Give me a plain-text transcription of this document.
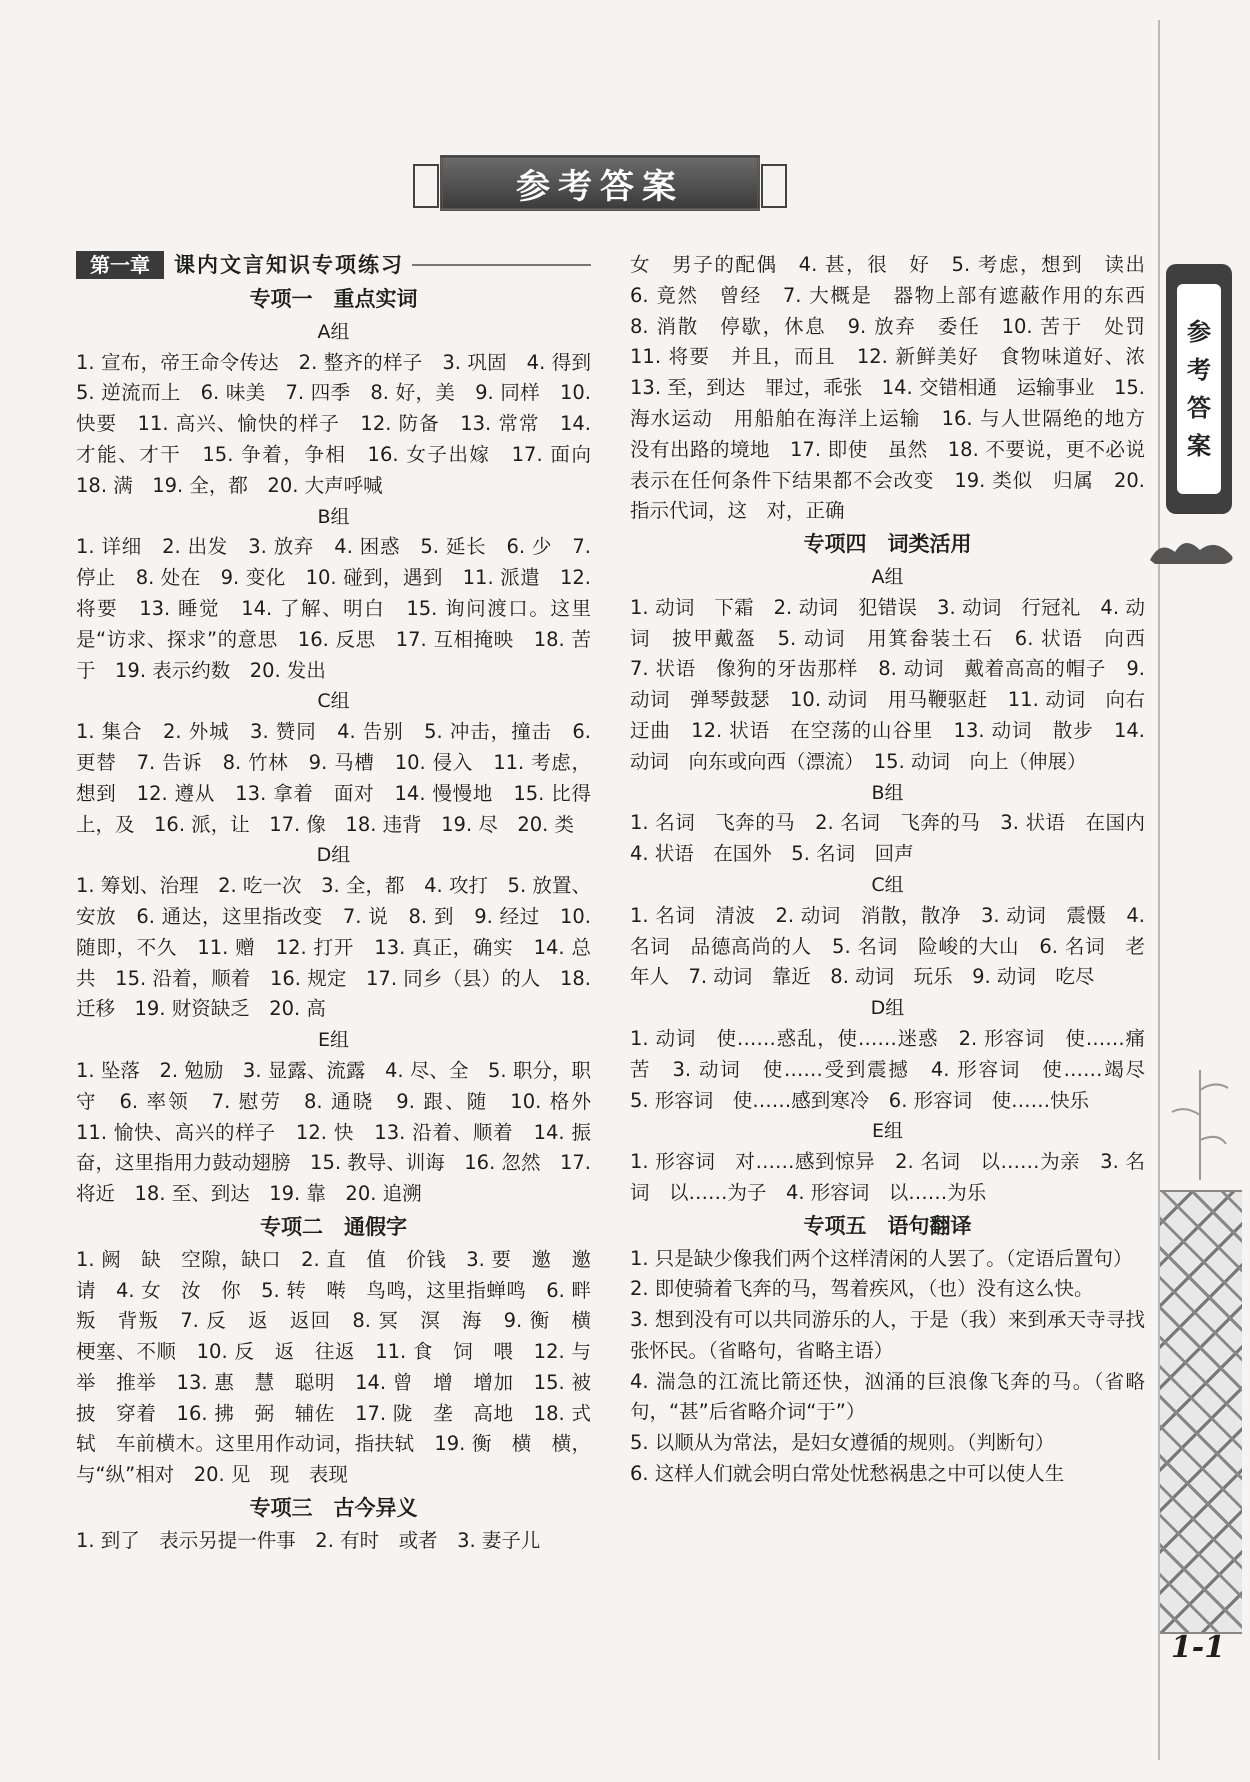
参考答案
第一章	课内文言知识专项练习
专项一　重点实词
A组

1. 宣布，帝王命令传达　2. 整齐的样子　3. 巩固　4. 得到　5. 逆流而上　6. 味美　7. 四季　8. 好，美　9. 同样　10. 快要　11. 高兴、愉快的样子　12. 防备　13. 常常　14. 才能、才干　15. 争着，争相　16. 女子出嫁　17. 面向　18. 满　19. 全，都　20. 大声呼喊

B组

1. 详细　2. 出发　3. 放弃　4. 困惑　5. 延长　6. 少　7. 停止　8. 处在　9. 变化　10. 碰到，遇到　11. 派遣　12. 将要　13. 睡觉　14. 了解、明白　15. 询问渡口。这里是“访求、探求”的意思　16. 反思　17. 互相掩映　18. 苦于　19. 表示约数　20. 发出

C组

1. 集合　2. 外城　3. 赞同　4. 告别　5. 冲击，撞击　6. 更替　7. 告诉　8. 竹林　9. 马槽　10. 侵入　11. 考虑，想到　12. 遵从　13. 拿着　面对　14. 慢慢地　15. 比得上，及　16. 派，让　17. 像　18. 违背　19. 尽　20. 类

D组

1. 筹划、治理　2. 吃一次　3. 全，都　4. 攻打　5. 放置、安放　6. 通达，这里指改变　7. 说　8. 到　9. 经过　10. 随即，不久　11. 赠　12. 打开　13. 真正，确实　14. 总共　15. 沿着，顺着　16. 规定　17. 同乡（县）的人　18. 迁移　19. 财资缺乏　20. 高

E组

1. 坠落　2. 勉励　3. 显露、流露　4. 尽、全　5. 职分，职守　6. 率领　7. 慰劳　8. 通晓　9. 跟、随　10. 格外　11. 愉快、高兴的样子　12. 快　13. 沿着、顺着　14. 振奋，这里指用力鼓动翅膀　15. 教导、训诲　16. 忽然　17. 将近　18. 至、到达　19. 靠　20. 追溯

专项二　通假字

1. 阙　缺　空隙，缺口　2. 直　值　价钱　3. 要　邀　邀请　4. 女　汝　你　5. 转　啭　鸟鸣，这里指蝉鸣　6. 畔　叛　背叛　7. 反　返　返回　8. 冥　溟　海　9. 衡　横　梗塞、不顺　10. 反　返　往返　11. 食　饲　喂　12. 与　举　推举　13. 惠　慧　聪明　14. 曾　增　增加　15. 被　披　穿着　16. 拂　弼　辅佐　17. 陇　垄　高地　18. 式　轼　车前横木。这里用作动词，指扶轼　19. 衡　横　横，与“纵”相对　20. 见　现　表现

专项三　古今异义

1. 到了　表示另提一件事　2. 有时　或者　3. 妻子儿

女　男子的配偶　4. 甚，很　好　5. 考虑，想到　读出　6. 竟然　曾经　7. 大概是　器物上部有遮蔽作用的东西　8. 消散　停歇，休息　9. 放弃　委任　10. 苦于　处罚　11. 将要　并且，而且　12. 新鲜美好　食物味道好、浓　13. 至，到达　罪过，乖张　14. 交错相通　运输事业　15. 海水运动　用船舶在海洋上运输　16. 与人世隔绝的地方　没有出路的境地　17. 即使　虽然　18. 不要说，更不必说　表示在任何条件下结果都不会改变　19. 类似　归属　20. 指示代词，这　对，正确

专项四　词类活用
A组

1. 动词　下霜　2. 动词　犯错误　3. 动词　行冠礼　4. 动词　披甲戴盔　5. 动词　用箕畚装土石　6. 状语　向西　7. 状语　像狗的牙齿那样　8. 动词　戴着高高的帽子　9. 动词　弹琴鼓瑟　10. 动词　用马鞭驱赶　11. 动词　向右迂曲　12. 状语　在空荡的山谷里　13. 动词　散步　14. 动词　向东或向西（漂流）　15. 动词　向上（伸展）

B组

1. 名词　飞奔的马　2. 名词　飞奔的马　3. 状语　在国内　4. 状语　在国外　5. 名词　回声

C组

1. 名词　清波　2. 动词　消散，散净　3. 动词　震慑　4. 名词　品德高尚的人　5. 名词　险峻的大山　6. 名词　老年人　7. 动词　靠近　8. 动词　玩乐　9. 动词　吃尽

D组

1. 动词　使……惑乱，使……迷惑　2. 形容词　使……痛苦　3. 动词　使……受到震撼　4. 形容词　使……竭尽　5. 形容词　使……感到寒冷　6. 形容词　使……快乐

E组

1. 形容词　对……感到惊异　2. 名词　以……为亲　3. 名词　以……为子　4. 形容词　以……为乐

专项五　语句翻译

1. 只是缺少像我们两个这样清闲的人罢了。（定语后置句）

2. 即使骑着飞奔的马，驾着疾风，（也）没有这么快。

3. 想到没有可以共同游乐的人，于是（我）来到承天寺寻找张怀民。（省略句，省略主语）

4. 湍急的江流比箭还快，汹涌的巨浪像飞奔的马。（省略句，“甚”后省略介词“于”）

5. 以顺从为常法，是妇女遵循的规则。（判断句）

6. 这样人们就会明白常处忧愁祸患之中可以使人生

参
考
答
案
1-1
